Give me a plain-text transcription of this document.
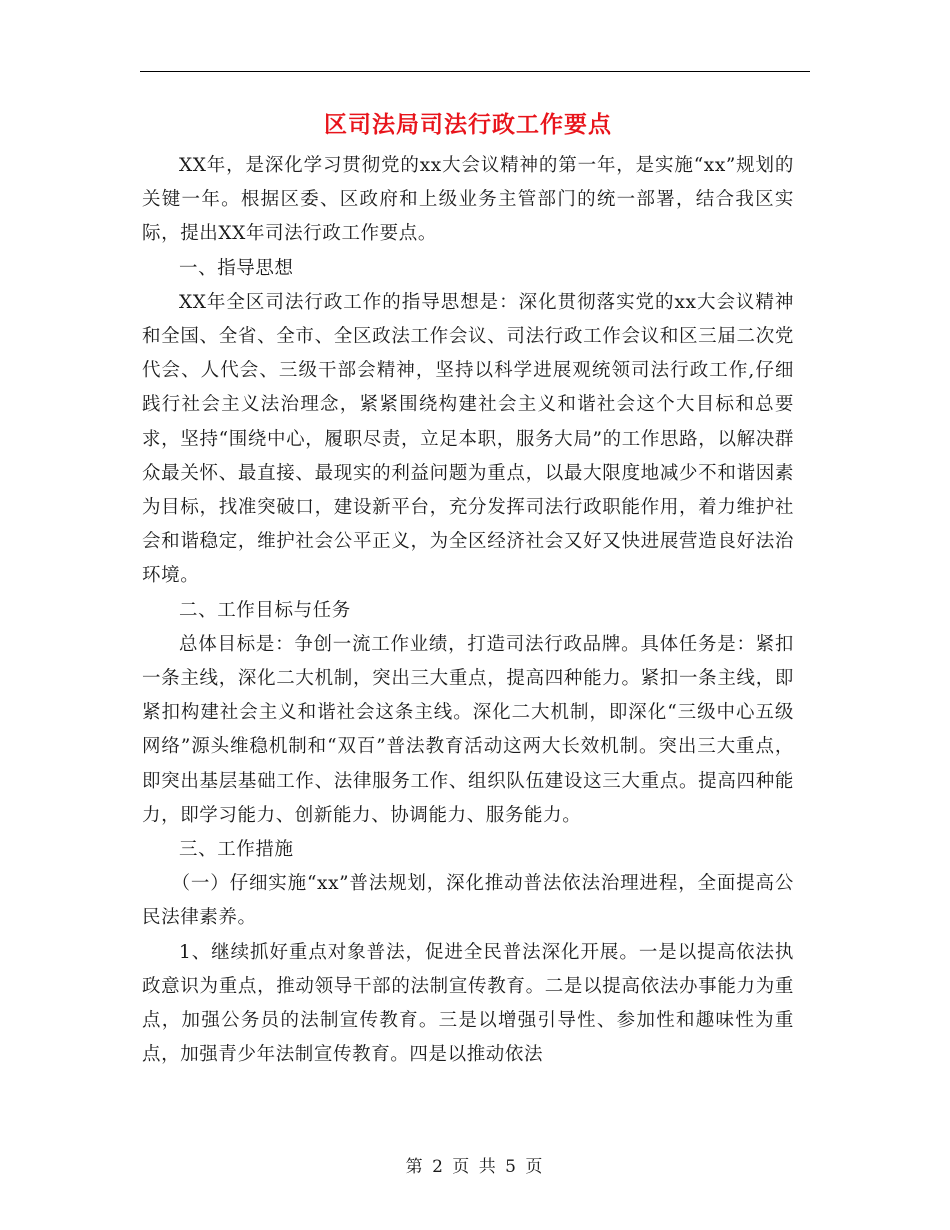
区司法局司法行政工作要点

XX年，是深化学习贯彻党的xx大会议精神的第一年，是实施“xx”规划的关键一年。根据区委、区政府和上级业务主管部门的统一部署，结合我区实际，提出XX年司法行政工作要点。

一、指导思想

XX年全区司法行政工作的指导思想是：深化贯彻落实党的xx大会议精神和全国、全省、全市、全区政法工作会议、司法行政工作会议和区三届二次党代会、人代会、三级干部会精神，坚持以科学进展观统领司法行政工作,仔细践行社会主义法治理念，紧紧围绕构建社会主义和谐社会这个大目标和总要求，坚持“围绕中心，履职尽责，立足本职，服务大局”的工作思路，以解决群众最关怀、最直接、最现实的利益问题为重点，以最大限度地减少不和谐因素为目标，找准突破口，建设新平台，充分发挥司法行政职能作用，着力维护社会和谐稳定，维护社会公平正义，为全区经济社会又好又快进展营造良好法治环境。

二、工作目标与任务

总体目标是：争创一流工作业绩，打造司法行政品牌。具体任务是：紧扣一条主线，深化二大机制，突出三大重点，提高四种能力。紧扣一条主线，即紧扣构建社会主义和谐社会这条主线。深化二大机制，即深化“三级中心五级网络”源头维稳机制和“双百”普法教育活动这两大长效机制。突出三大重点，即突出基层基础工作、法律服务工作、组织队伍建设这三大重点。提高四种能力，即学习能力、创新能力、协调能力、服务能力。

三、工作措施

（一）仔细实施“xx”普法规划，深化推动普法依法治理进程，全面提高公民法律素养。

1、继续抓好重点对象普法，促进全民普法深化开展。一是以提高依法执政意识为重点，推动领导干部的法制宣传教育。二是以提高依法办事能力为重点，加强公务员的法制宣传教育。三是以增强引导性、参加性和趣味性为重点，加强青少年法制宣传教育。四是以推动依法

第 2 页 共 5 页
